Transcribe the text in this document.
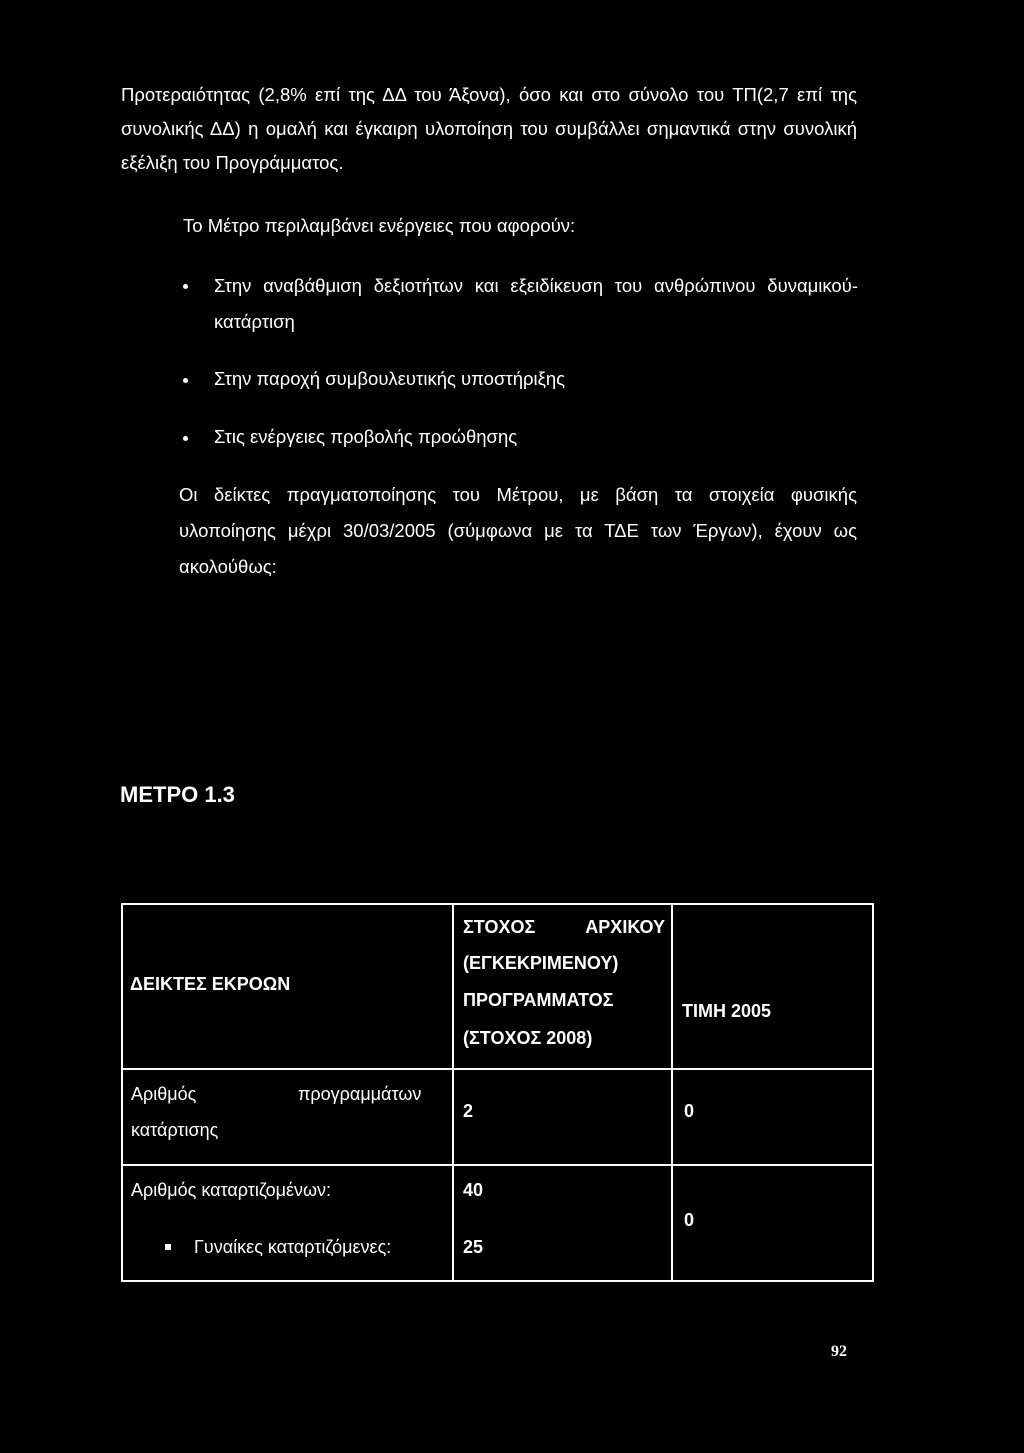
Προτεραιότητας (2,8% επί της ΔΔ του Άξονα), όσο και στο σύνολο του ΤΠ(2,7 επί της συνολικής ΔΔ) η ομαλή και έγκαιρη υλοποίηση του συμβάλλει σημαντικά στην συνολική εξέλιξη του Προγράμματος.
Το Μέτρο περιλαμβάνει ενέργειες που αφορούν:
Στην αναβάθμιση δεξιοτήτων και εξειδίκευση του ανθρώπινου δυναμικού-κατάρτιση
Στην παροχή συμβουλευτικής υποστήριξης
Στις ενέργειες προβολής προώθησης
Οι δείκτες πραγματοποίησης του Μέτρου, με βάση τα στοιχεία φυσικής υλοποίησης μέχρι 30/03/2005 (σύμφωνα με τα ΤΔΕ των Έργων), έχουν ως ακολούθως:
ΜΕΤΡΟ 1.3
ΔΕΙΚΤΕΣ ΕΚΡΟΩΝ
ΣΤΟΧΟΣ ΑΡΧΙΚΟΥ
(ΕΓΚΕΚΡΙΜΕΝΟΥ)
ΠΡΟΓΡΑΜΜΑΤΟΣ
(ΣΤΟΧΟΣ 2008)
ΤΙΜΗ 2005
Αριθμός	προγραμμάτων
κατάρτισης
2	0
Αριθμός καταρτιζομένων:
Γυναίκες καταρτιζόμενες:
40
25
0
92
